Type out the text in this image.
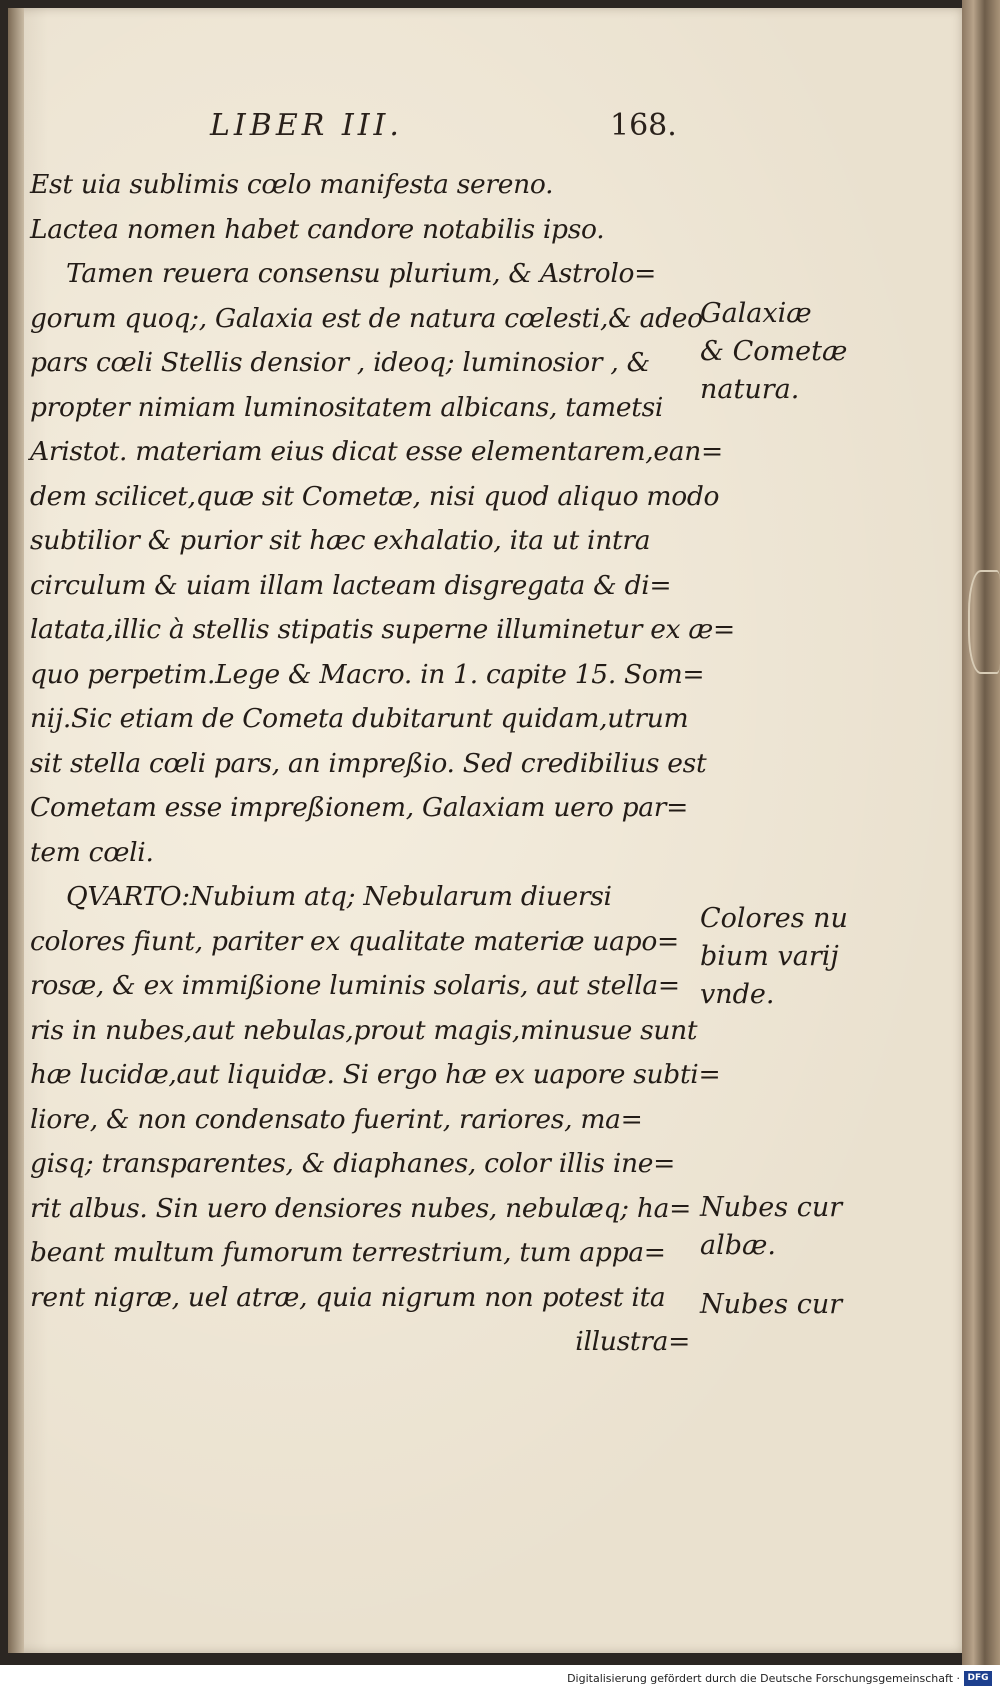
LIBER III.	168.
Est uia sublimis cœlo manifesta sereno.
Lactea nomen habet candore notabilis ipso.
Tamen reuera consensu plurium, & Astrolo=
gorum quoq;, Galaxia est de natura cœlesti,& adeo
pars cœli Stellis densior , ideoq; luminosior , &
propter nimiam luminositatem albicans, tametsi
Aristot. materiam eius dicat esse elementarem,ean=
dem scilicet,quæ sit Cometæ, nisi quod aliquo modo
subtilior & purior sit hæc exhalatio, ita ut intra
circulum & uiam illam lacteam disgregata & di=
latata,illic à stellis stipatis superne illuminetur ex æ=
quo perpetim.Lege & Macro. in 1. capite 15. Som=
nij.Sic etiam de Cometa dubitarunt quidam,utrum
sit stella cœli pars, an impreßio. Sed credibilius est
Cometam esse impreßionem, Galaxiam uero par=
tem cœli.
QVARTO:Nubium atq; Nebularum diuersi
colores fiunt, pariter ex qualitate materiæ uapo=
rosæ, & ex immißione luminis solaris, aut stella=
ris in nubes,aut nebulas,prout magis,minusue sunt
hæ lucidæ,aut liquidæ. Si ergo hæ ex uapore subti=
liore, & non condensato fuerint, rariores, ma=
gisq; transparentes, & diaphanes, color illis ine=
rit albus. Sin uero densiores nubes, nebulæq; ha=
beant multum fumorum terrestrium, tum appa=
rent nigræ, uel atræ, quia nigrum non potest ita
illustra=
Galaxiæ
& Cometæ
natura.
Colores nu
bium varij
vnde.
Nubes cur
albæ.
Nubes cur
Digitalisierung gefördert durch die Deutsche Forschungsgemeinschaft · DFG
